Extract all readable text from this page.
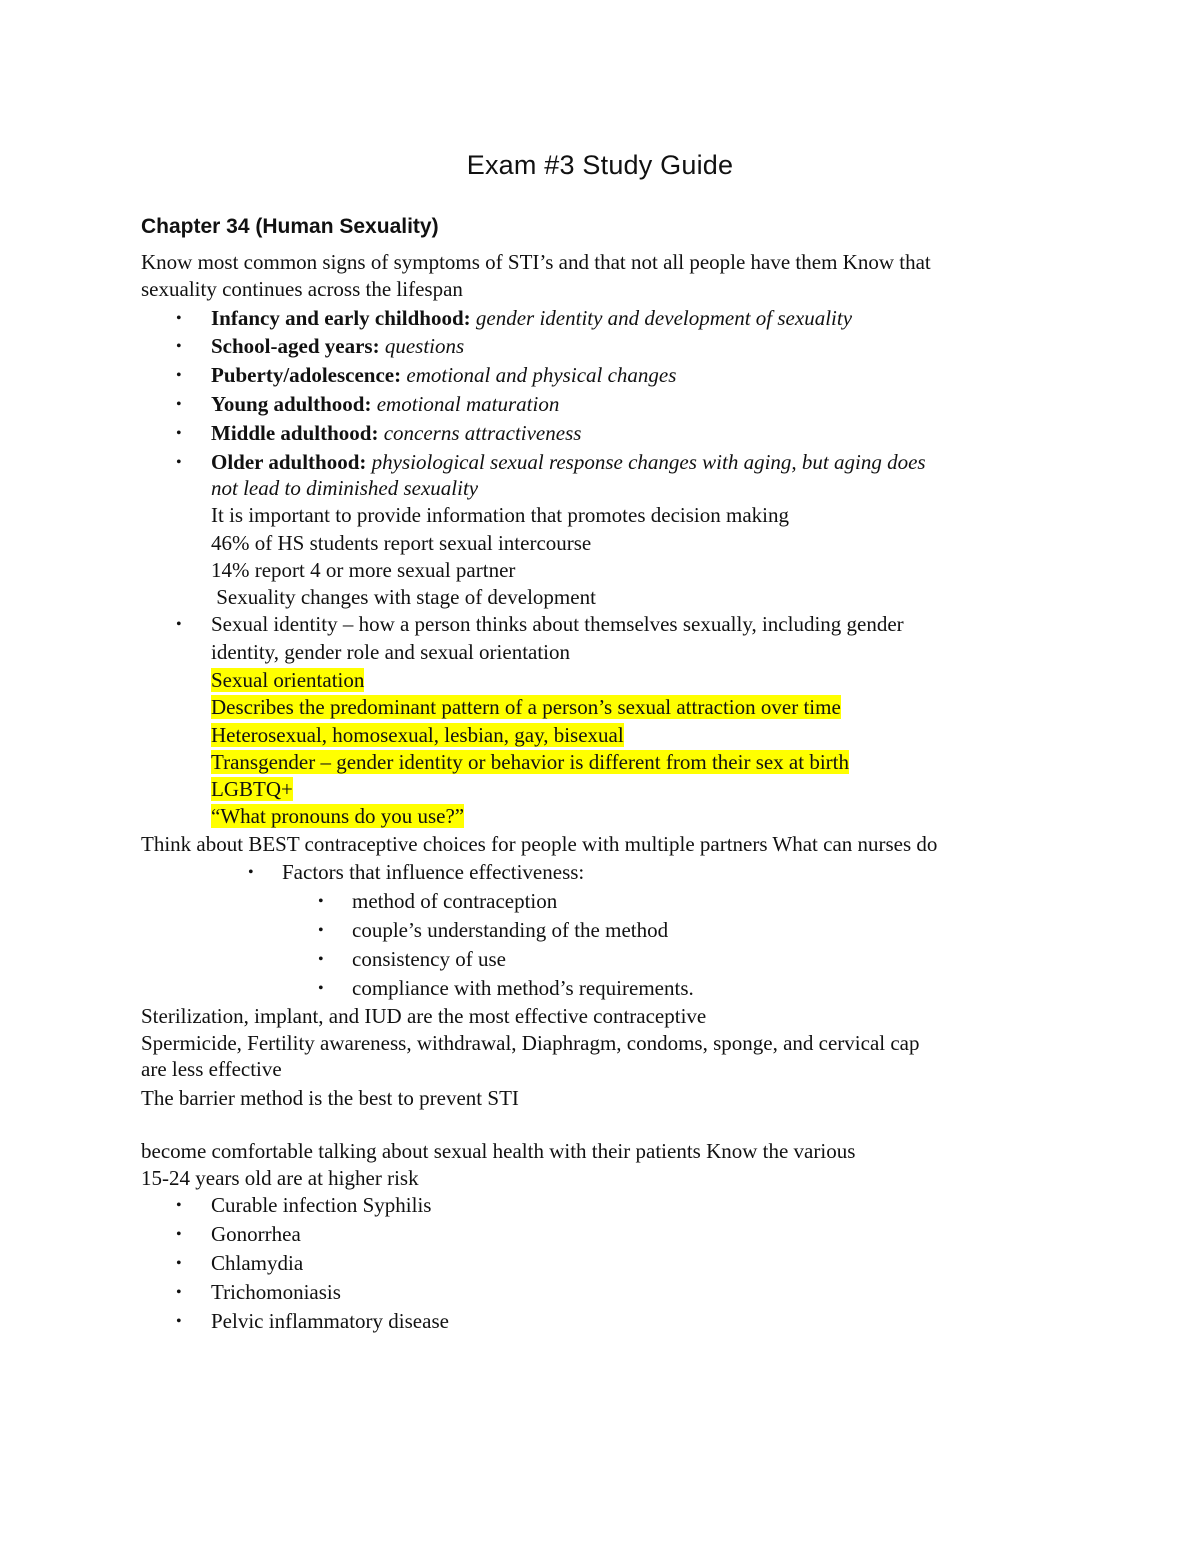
Exam #3 Study Guide
Chapter 34 (Human Sexuality)
Know most common signs of symptoms of STI’s and that not all people have them Know that
sexuality continues across the lifespan
• Infancy and early childhood: gender identity and development of sexuality
• School-aged years: questions
• Puberty/adolescence: emotional and physical changes
• Young adulthood: emotional maturation
• Middle adulthood: concerns attractiveness
• Older adulthood: physiological sexual response changes with aging, but aging does
not lead to diminished sexuality
It is important to provide information that promotes decision making
46% of HS students report sexual intercourse
14% report 4 or more sexual partner
Sexuality changes with stage of development
• Sexual identity – how a person thinks about themselves sexually, including gender
identity, gender role and sexual orientation
Sexual orientation
Describes the predominant pattern of a person’s sexual attraction over time
Heterosexual, homosexual, lesbian, gay, bisexual
Transgender – gender identity or behavior is different from their sex at birth
LGBTQ+
“What pronouns do you use?”
Think about BEST contraceptive choices for people with multiple partners What can nurses do
• Factors that influence effectiveness:
• method of contraception
• couple’s understanding of the method
• consistency of use
• compliance with method’s requirements.
Sterilization, implant, and IUD are the most effective contraceptive
Spermicide, Fertility awareness, withdrawal, Diaphragm, condoms, sponge, and cervical cap
are less effective
The barrier method is the best to prevent STI
become comfortable talking about sexual health with their patients Know the various
15-24 years old are at higher risk
• Curable infection Syphilis
• Gonorrhea
• Chlamydia
• Trichomoniasis
• Pelvic inflammatory disease
